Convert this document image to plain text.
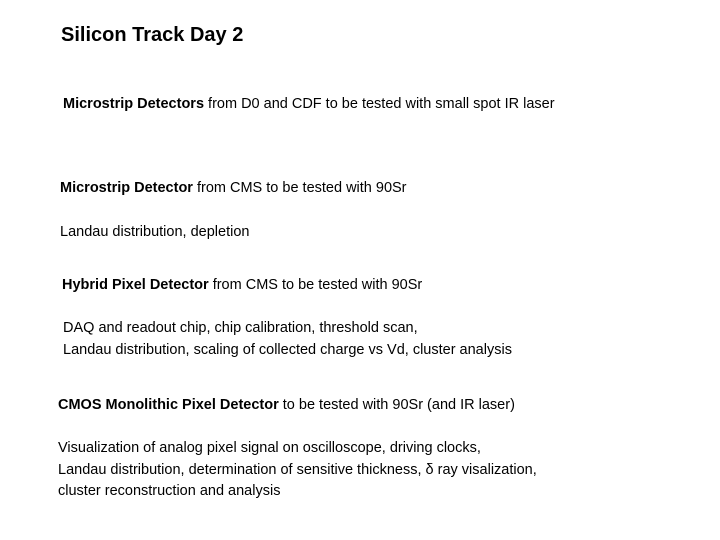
Silicon Track Day 2
Microstrip Detectors from D0 and CDF to be tested with small spot IR laser
Microstrip Detector from CMS to be tested with 90Sr
Landau distribution, depletion
Hybrid Pixel Detector from CMS to be tested with 90Sr
DAQ and readout chip, chip calibration, threshold scan,
Landau distribution, scaling of collected charge vs Vd, cluster analysis
CMOS Monolithic Pixel Detector to be tested with 90Sr (and IR laser)
Visualization of analog pixel signal on oscilloscope, driving clocks,
Landau distribution, determination of sensitive thickness, δ ray visalization,
cluster reconstruction and analysis
